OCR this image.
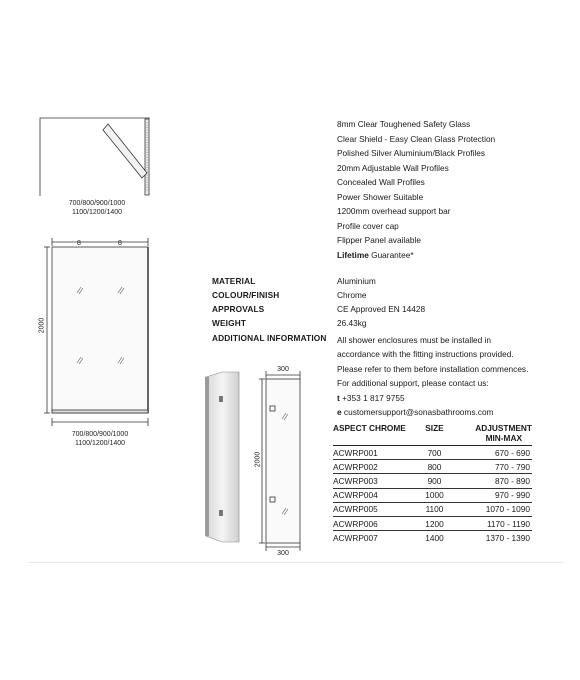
700/800/900/1000
1100/1200/1400
8	8
2000
700/800/900/1000
1100/1200/1400
300
2000
300
8mm Clear Toughened Safety Glass
Clear Shield - Easy Clean Glass Protection
Polished Silver Aluminium/Black Profiles
20mm Adjustable Wall Profiles
Concealed Wall Profiles
Power Shower Suitable
1200mm overhead support bar
Profile cover cap
Flipper Panel available
Lifetime Guarantee*
MATERIAL	Aluminium
COLOUR/FINISH	Chrome
APPROVALS	CE Approved EN 14428
WEIGHT	26.43kg
ADDITIONAL INFORMATION All shower enclosures must be installed in
accordance with the fitting instructions provided.
Please refer to them before installation commences.
For additional support, please contact us:
t +353 1 817 9755
e customersupport@sonasbathrooms.com
ASPECT CHROME	SIZE	ADJUSTMENT
MIN-MAX

ACWRP001	700	670 - 690
ACWRP002	800	770 - 790
ACWRP003	900	870 - 890
ACWRP004	1000	970 - 990
ACWRP005	1100	1070 - 1090
ACWRP006	1200	1170 - 1190
ACWRP007	1400	1370 - 1390
